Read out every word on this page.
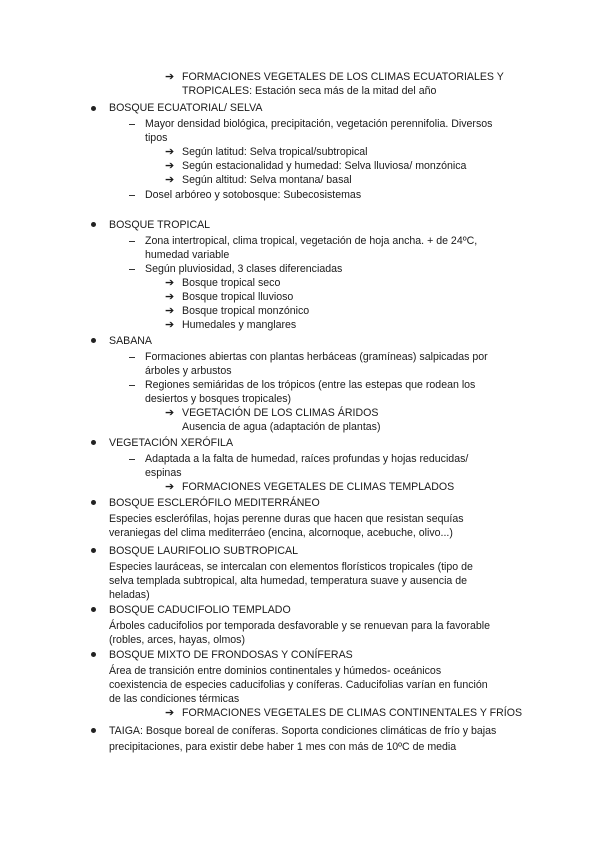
➔ FORMACIONES VEGETALES DE LOS CLIMAS ECUATORIALES Y
TROPICALES: Estación seca más de la mitad del año
BOSQUE ECUATORIAL/ SELVA
Mayor densidad biológica, precipitación, vegetación perennifolia. Diversos
tipos
➔ Según latitud: Selva tropical/subtropical
➔ Según estacionalidad y humedad: Selva lluviosa/ monzónica
➔ Según altitud: Selva montana/ basal
Dosel arbóreo y sotobosque: Subecosistemas
BOSQUE TROPICAL
Zona intertropical, clima tropical, vegetación de hoja ancha. + de 24ºC,
humedad variable
Según pluviosidad, 3 clases diferenciadas
➔ Bosque tropical seco
➔ Bosque tropical lluvioso
➔ Bosque tropical monzónico
➔ Humedales y manglares
SABANA
Formaciones abiertas con plantas herbáceas (gramíneas) salpicadas por
árboles y arbustos
Regiones semiáridas de los trópicos (entre las estepas que rodean los
desiertos y bosques tropicales)
➔ VEGETACIÓN DE LOS CLIMAS ÁRIDOS
Ausencia de agua (adaptación de plantas)
VEGETACIÓN XERÓFILA
Adaptada a la falta de humedad, raíces profundas y hojas reducidas/
espinas
➔ FORMACIONES VEGETALES DE CLIMAS TEMPLADOS
BOSQUE ESCLERÓFILO MEDITERRÁNEO
Especies esclerófilas, hojas perenne duras que hacen que resistan sequías
veraniegas del clima mediterráeo (encina, alcornoque, acebuche, olivo...)
BOSQUE LAURIFOLIO SUBTROPICAL
Especies lauráceas, se intercalan con elementos florísticos tropicales (tipo de
selva templada subtropical, alta humedad, temperatura suave y ausencia de
heladas)
BOSQUE CADUCIFOLIO TEMPLADO
Árboles caducifolios por temporada desfavorable y se renuevan para la favorable
(robles, arces, hayas, olmos)
BOSQUE MIXTO DE FRONDOSAS Y CONÍFERAS
Área de transición entre dominios continentales y húmedos- oceánicos
coexistencia de especies caducifolias y coníferas. Caducifolias varían en función
de las condiciones térmicas
➔ FORMACIONES VEGETALES DE CLIMAS CONTINENTALES Y FRÍOS
TAIGA: Bosque boreal de coníferas. Soporta condiciones climáticas de frío y bajas
precipitaciones, para existir debe haber 1 mes con más de 10ºC de media
